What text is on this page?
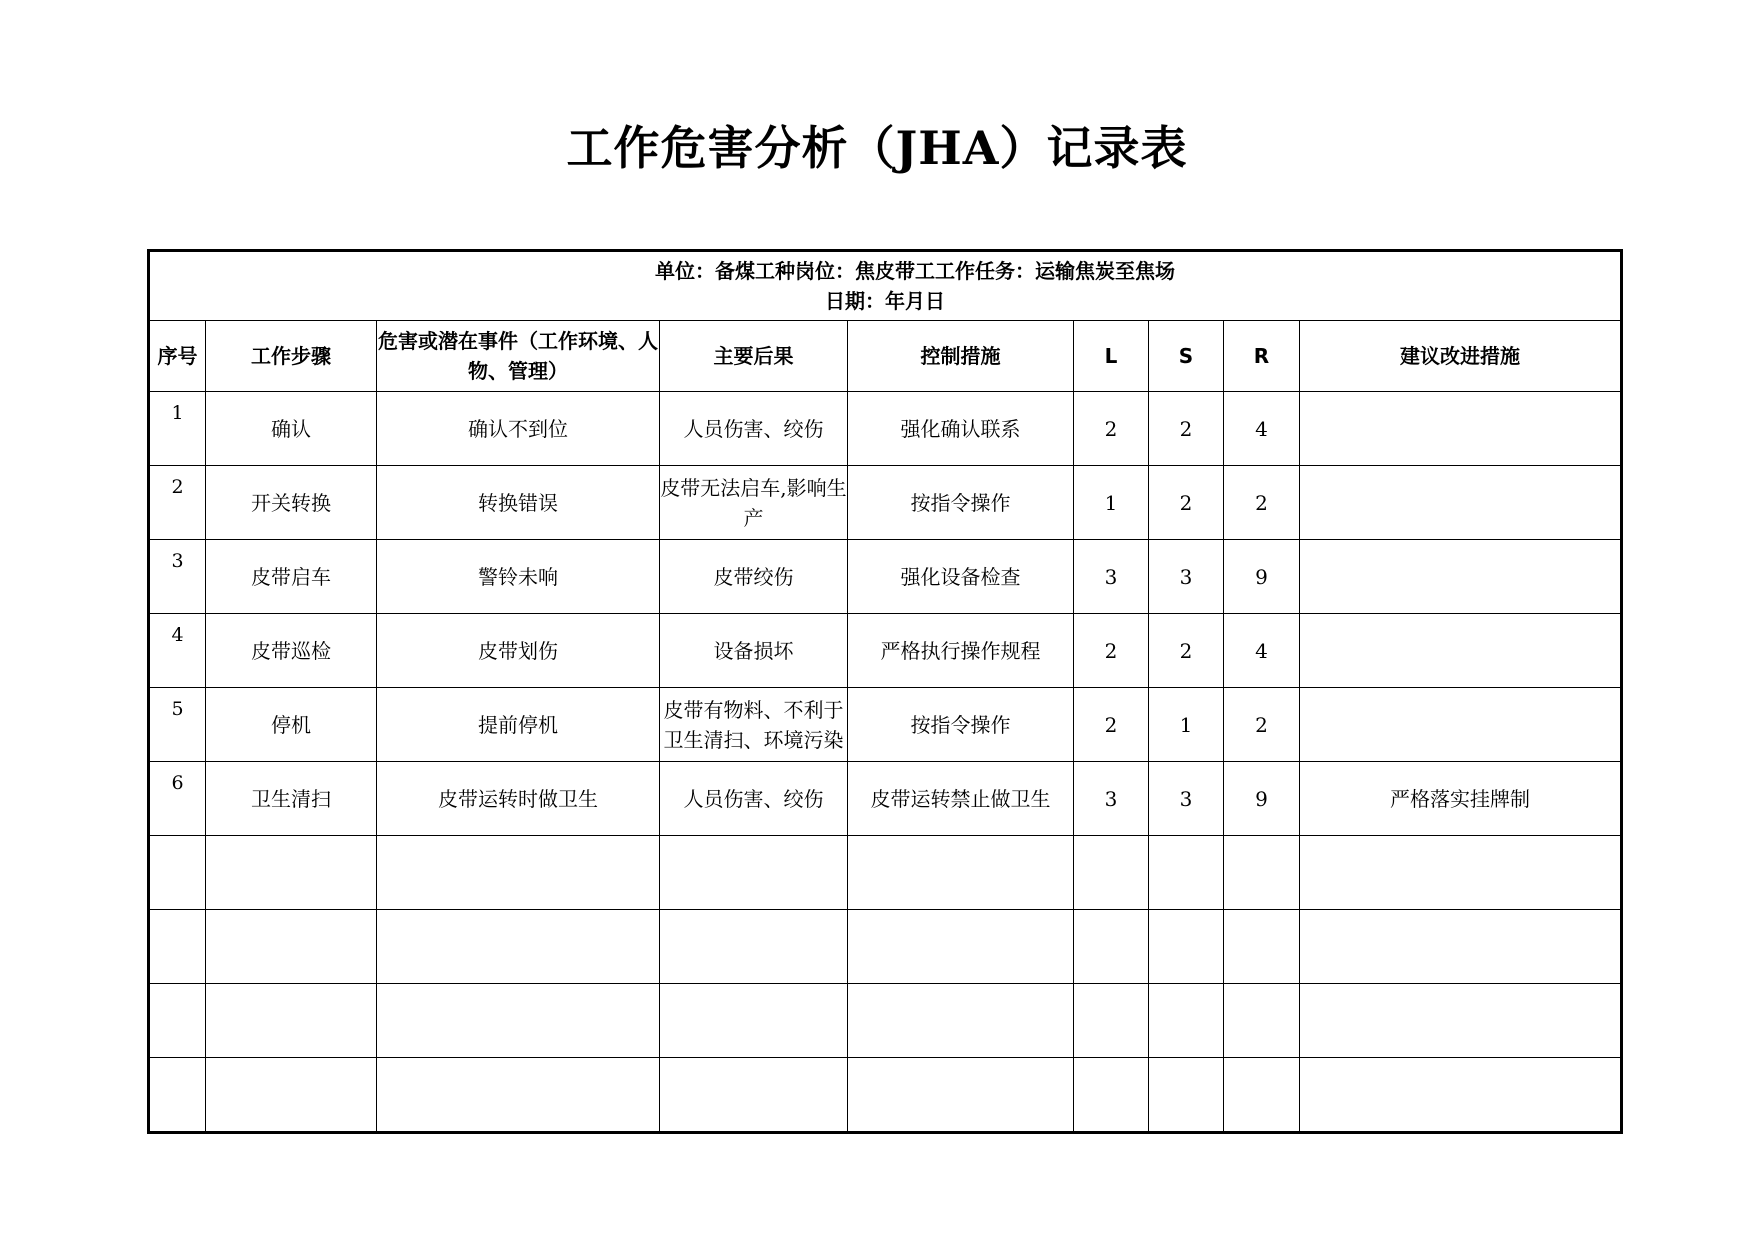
工作危害分析（JHA）记录表
单位：备煤工种岗位：焦皮带工工作任务：运输焦炭至焦场
日期：年月日								

序号	工作步骤	危害或潜在事件（工作环境、人物、管理）	主要后果	控制措施	L	S	R	建议改进措施
1	确认	确认不到位	人员伤害、绞伤	强化确认联系	2	2	4	
2	开关转换	转换错误	皮带无法启车,影响生产	按指令操作	1	2	2	
3	皮带启车	警铃未响	皮带绞伤	强化设备检查	3	3	9	
4	皮带巡检	皮带划伤	设备损坏	严格执行操作规程	2	2	4	
5	停机	提前停机	皮带有物料、不利于卫生清扫、环境污染	按指令操作	2	1	2	
6	卫生清扫	皮带运转时做卫生	人员伤害、绞伤	皮带运转禁止做卫生	3	3	9	严格落实挂牌制
